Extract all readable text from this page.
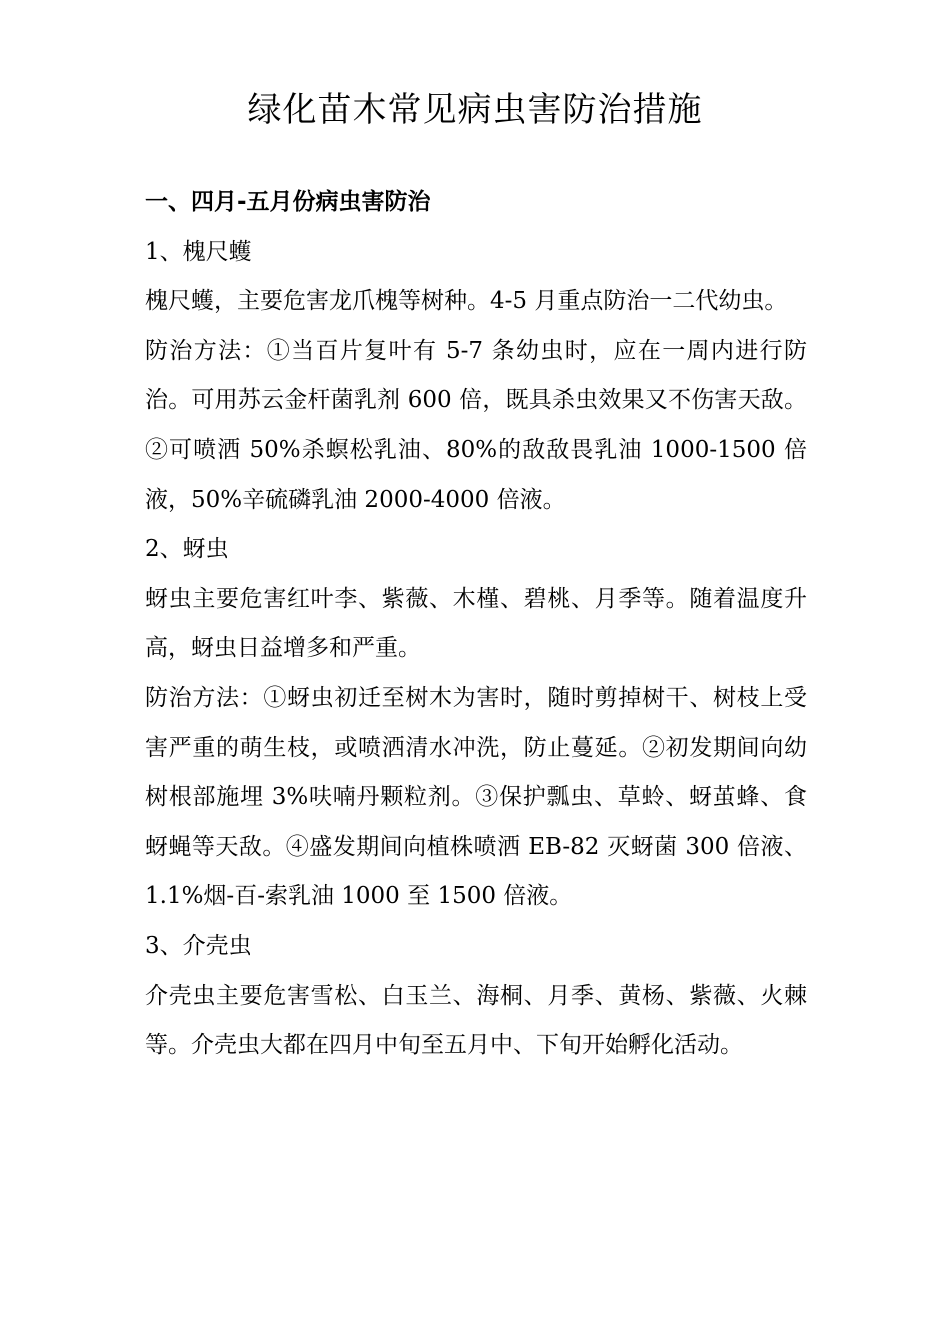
绿化苗木常见病虫害防治措施

一、四月-五月份病虫害防治

1、槐尺蠖

槐尺蠖，主要危害龙爪槐等树种。4-5 月重点防治一二代幼虫。

防治方法：①当百片复叶有 5-7 条幼虫时，应在一周内进行防治。可用苏云金杆菌乳剂 600 倍，既具杀虫效果又不伤害天敌。②可喷洒 50%杀螟松乳油、80%的敌敌畏乳油 1000-1500 倍液，50%辛硫磷乳油 2000-4000 倍液。

2、蚜虫

蚜虫主要危害红叶李、紫薇、木槿、碧桃、月季等。随着温度升高，蚜虫日益增多和严重。

防治方法：①蚜虫初迁至树木为害时，随时剪掉树干、树枝上受害严重的萌生枝，或喷洒清水冲洗，防止蔓延。②初发期间向幼树根部施埋 3%呋喃丹颗粒剂。③保护瓢虫、草蛉、蚜茧蜂、食蚜蝇等天敌。④盛发期间向植株喷洒 EB-82 灭蚜菌 300 倍液、1.1%烟-百-索乳油 1000 至 1500 倍液。

3、介壳虫

介壳虫主要危害雪松、白玉兰、海桐、月季、黄杨、紫薇、火棘等。介壳虫大都在四月中旬至五月中、下旬开始孵化活动。
